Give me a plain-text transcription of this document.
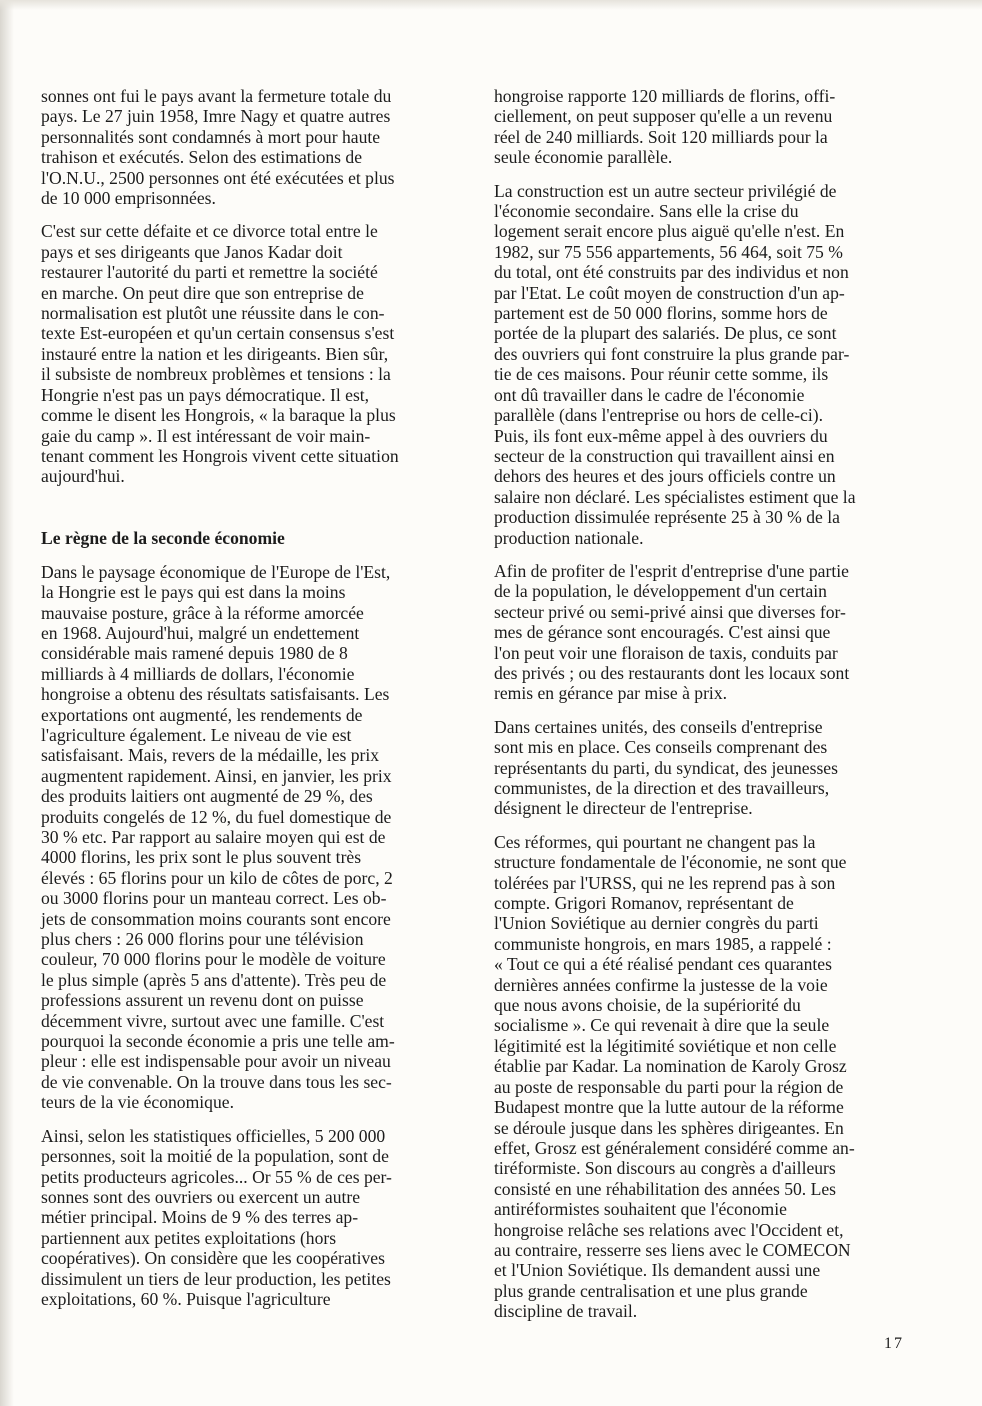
sonnes ont fui le pays avant la fermeture totale du
pays. Le 27 juin 1958, Imre Nagy et quatre autres
personnalités sont condamnés à mort pour haute
trahison et exécutés. Selon des estimations de
l'O.N.U., 2500 personnes ont été exécutées et plus
de 10 000 emprisonnées.

C'est sur cette défaite et ce divorce total entre le
pays et ses dirigeants que Janos Kadar doit
restaurer l'autorité du parti et remettre la société
en marche. On peut dire que son entreprise de
normalisation est plutôt une réussite dans le con-
texte Est-européen et qu'un certain consensus s'est
instauré entre la nation et les dirigeants. Bien sûr,
il subsiste de nombreux problèmes et tensions : la
Hongrie n'est pas un pays démocratique. Il est,
comme le disent les Hongrois, « la baraque la plus
gaie du camp ». Il est intéressant de voir main-
tenant comment les Hongrois vivent cette situation
aujourd'hui.

Le règne de la seconde économie

Dans le paysage économique de l'Europe de l'Est,
la Hongrie est le pays qui est dans la moins
mauvaise posture, grâce à la réforme amorcée
en 1968. Aujourd'hui, malgré un endettement
considérable mais ramené depuis 1980 de 8
milliards à 4 milliards de dollars, l'économie
hongroise a obtenu des résultats satisfaisants. Les
exportations ont augmenté, les rendements de
l'agriculture également. Le niveau de vie est
satisfaisant. Mais, revers de la médaille, les prix
augmentent rapidement. Ainsi, en janvier, les prix
des produits laitiers ont augmenté de 29 %, des
produits congelés de 12 %, du fuel domestique de
30 % etc. Par rapport au salaire moyen qui est de
4000 florins, les prix sont le plus souvent très
élevés : 65 florins pour un kilo de côtes de porc, 2
ou 3000 florins pour un manteau correct. Les ob-
jets de consommation moins courants sont encore
plus chers : 26 000 florins pour une télévision
couleur, 70 000 florins pour le modèle de voiture
le plus simple (après 5 ans d'attente). Très peu de
professions assurent un revenu dont on puisse
décemment vivre, surtout avec une famille. C'est
pourquoi la seconde économie a pris une telle am-
pleur : elle est indispensable pour avoir un niveau
de vie convenable. On la trouve dans tous les sec-
teurs de la vie économique.

Ainsi, selon les statistiques officielles, 5 200 000
personnes, soit la moitié de la population, sont de
petits producteurs agricoles... Or 55 % de ces per-
sonnes sont des ouvriers ou exercent un autre
métier principal. Moins de 9 % des terres ap-
partiennent aux petites exploitations (hors
coopératives). On considère que les coopératives
dissimulent un tiers de leur production, les petites
exploitations, 60 %. Puisque l'agriculture

hongroise rapporte 120 milliards de florins, offi-
ciellement, on peut supposer qu'elle a un revenu
réel de 240 milliards. Soit 120 milliards pour la
seule économie parallèle.

La construction est un autre secteur privilégié de
l'économie secondaire. Sans elle la crise du
logement serait encore plus aiguë qu'elle n'est. En
1982, sur 75 556 appartements, 56 464, soit 75 %
du total, ont été construits par des individus et non
par l'Etat. Le coût moyen de construction d'un ap-
partement est de 50 000 florins, somme hors de
portée de la plupart des salariés. De plus, ce sont
des ouvriers qui font construire la plus grande par-
tie de ces maisons. Pour réunir cette somme, ils
ont dû travailler dans le cadre de l'économie
parallèle (dans l'entreprise ou hors de celle-ci).
Puis, ils font eux-même appel à des ouvriers du
secteur de la construction qui travaillent ainsi en
dehors des heures et des jours officiels contre un
salaire non déclaré. Les spécialistes estiment que la
production dissimulée représente 25 à 30 % de la
production nationale.

Afin de profiter de l'esprit d'entreprise d'une partie
de la population, le développement d'un certain
secteur privé ou semi-privé ainsi que diverses for-
mes de gérance sont encouragés. C'est ainsi que
l'on peut voir une floraison de taxis, conduits par
des privés ; ou des restaurants dont les locaux sont
remis en gérance par mise à prix.

Dans certaines unités, des conseils d'entreprise
sont mis en place. Ces conseils comprenant des
représentants du parti, du syndicat, des jeunesses
communistes, de la direction et des travailleurs,
désignent le directeur de l'entreprise.

Ces réformes, qui pourtant ne changent pas la
structure fondamentale de l'économie, ne sont que
tolérées par l'URSS, qui ne les reprend pas à son
compte. Grigori Romanov, représentant de
l'Union Soviétique au dernier congrès du parti
communiste hongrois, en mars 1985, a rappelé :
« Tout ce qui a été réalisé pendant ces quarantes
dernières années confirme la justesse de la voie
que nous avons choisie, de la supériorité du
socialisme ». Ce qui revenait à dire que la seule
légitimité est la légitimité soviétique et non celle
établie par Kadar. La nomination de Karoly Grosz
au poste de responsable du parti pour la région de
Budapest montre que la lutte autour de la réforme
se déroule jusque dans les sphères dirigeantes. En
effet, Grosz est généralement considéré comme an-
tiréformiste. Son discours au congrès a d'ailleurs
consisté en une réhabilitation des années 50. Les
antiréformistes souhaitent que l'économie
hongroise relâche ses relations avec l'Occident et,
au contraire, resserre ses liens avec le COMECON
et l'Union Soviétique. Ils demandent aussi une
plus grande centralisation et une plus grande
discipline de travail.

17
